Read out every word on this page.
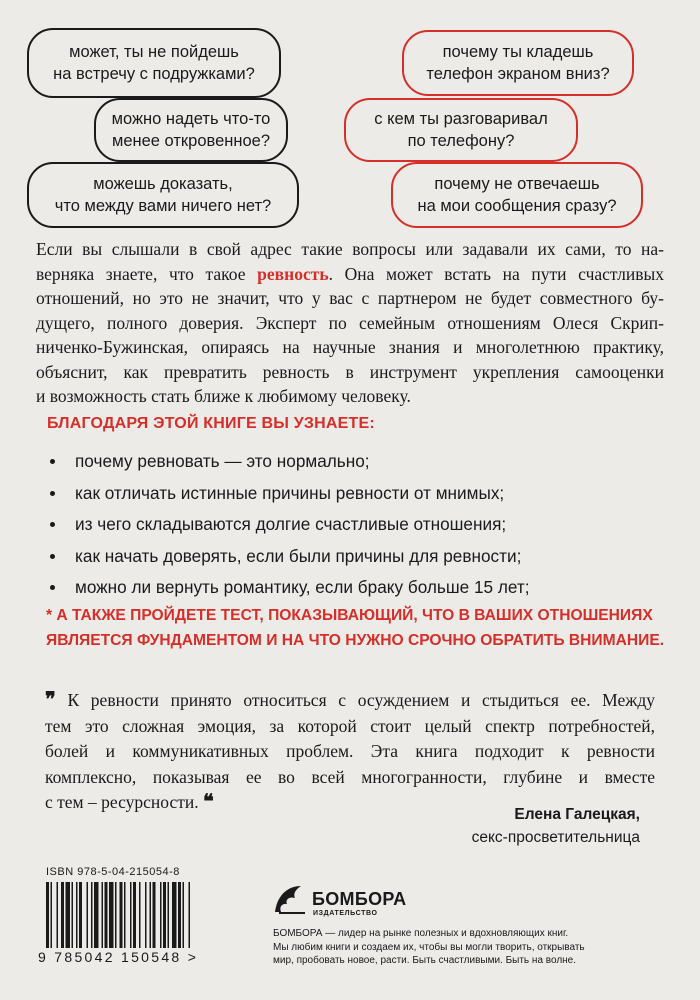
может, ты не пойдешь
на встречу с подружками?
можно надеть что-то
менее откровенное?
можешь доказать,
что между вами ничего нет?
почему ты кладешь
телефон экраном вниз?
с кем ты разговаривал
по телефону?
почему не отвечаешь
на мои сообщения сразу?

Если вы слышали в свой адрес такие вопросы или задавали их сами, то на-
верняка знаете, что такое ревность. Она может встать на пути счастливых
отношений, но это не значит, что у вас с партнером не будет совместного бу-
дущего, полного доверия. Эксперт по семейным отношениям Олеся Скрип-
ниченко-Бужинская, опираясь на научные знания и многолетнюю практику,
объяснит, как превратить ревность в инструмент укрепления самооценки
и возможность стать ближе к любимому человеку.

БЛАГОДАРЯ ЭТОЙ КНИГЕ ВЫ УЗНАЕТЕ:
почему ревновать — это нормально;
как отличать истинные причины ревности от мнимых;
из чего складываются долгие счастливые отношения;
как начать доверять, если были причины для ревности;
можно ли вернуть романтику, если браку больше 15 лет;

* А ТАКЖЕ ПРОЙДЕТЕ ТЕСТ, ПОКАЗЫВАЮЩИЙ, ЧТО В ВАШИХ ОТНОШЕНИЯХ
ЯВЛЯЕТСЯ ФУНДАМЕНТОМ И НА ЧТО НУЖНО СРОЧНО ОБРАТИТЬ ВНИМАНИЕ.

❞ К ревности принято относиться с осуждением и стыдиться ее. Между
тем это сложная эмоция, за которой стоит целый спектр потребностей,
болей и коммуникативных проблем. Эта книга подходит к ревности
комплексно, показывая ее во всей многогранности, глубине и вместе
с тем – ресурсности. ❝

Елена Галецкая,
секс-просветительница
ISBN 978-5-04-215054-8
9 785042 150548 >
БОМБОРА
ИЗДАТЕЛЬСТВО

БОМБОРА — лидер на рынке полезных и вдохновляющих книг.
Мы любим книги и создаем их, чтобы вы могли творить, открывать
мир, пробовать новое, расти. Быть счастливыми. Быть на волне.
